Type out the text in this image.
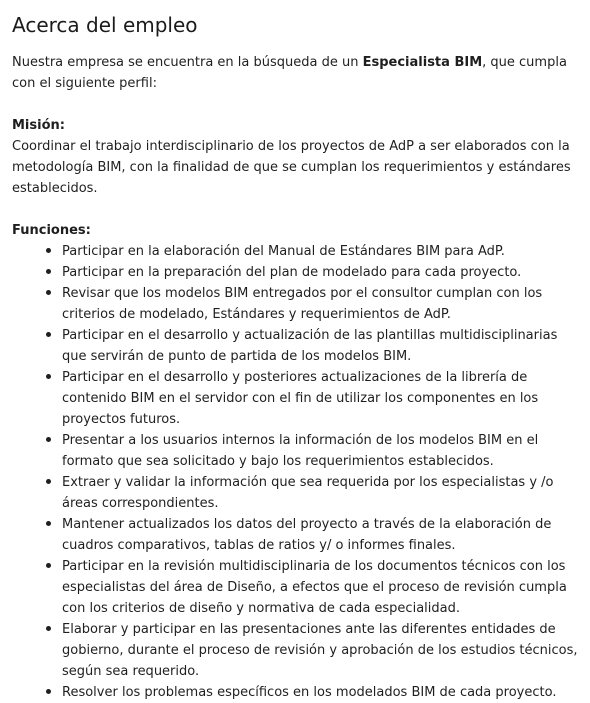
Acerca del empleo

Nuestra empresa se encuentra en la búsqueda de un Especialista BIM, que cumpla con el siguiente perfil:

Misión:

Coordinar el trabajo interdisciplinario de los proyectos de AdP a ser elaborados con la metodología BIM, con la finalidad de que se cumplan los requerimientos y estándares establecidos.

Funciones:

Participar en la elaboración del Manual de Estándares BIM para AdP.
Participar en la preparación del plan de modelado para cada proyecto.
Revisar que los modelos BIM entregados por el consultor cumplan con los criterios de modelado, Estándares y requerimientos de AdP.
Participar en el desarrollo y actualización de las plantillas multidisciplinarias que servirán de punto de partida de los modelos BIM.
Participar en el desarrollo y posteriores actualizaciones de la librería de contenido BIM en el servidor con el fin de utilizar los componentes en los proyectos futuros.
Presentar a los usuarios internos la información de los modelos BIM en el formato que sea solicitado y bajo los requerimientos establecidos.
Extraer y validar la información que sea requerida por los especialistas y /o áreas correspondientes.
Mantener actualizados los datos del proyecto a través de la elaboración de cuadros comparativos, tablas de ratios y/ o informes finales.
Participar en la revisión multidisciplinaria de los documentos técnicos con los especialistas del área de Diseño, a efectos que el proceso de revisión cumpla con los criterios de diseño y normativa de cada especialidad.
Elaborar y participar en las presentaciones ante las diferentes entidades de gobierno, durante el proceso de revisión y aprobación de los estudios técnicos, según sea requerido.
Resolver los problemas específicos en los modelados BIM de cada proyecto.
